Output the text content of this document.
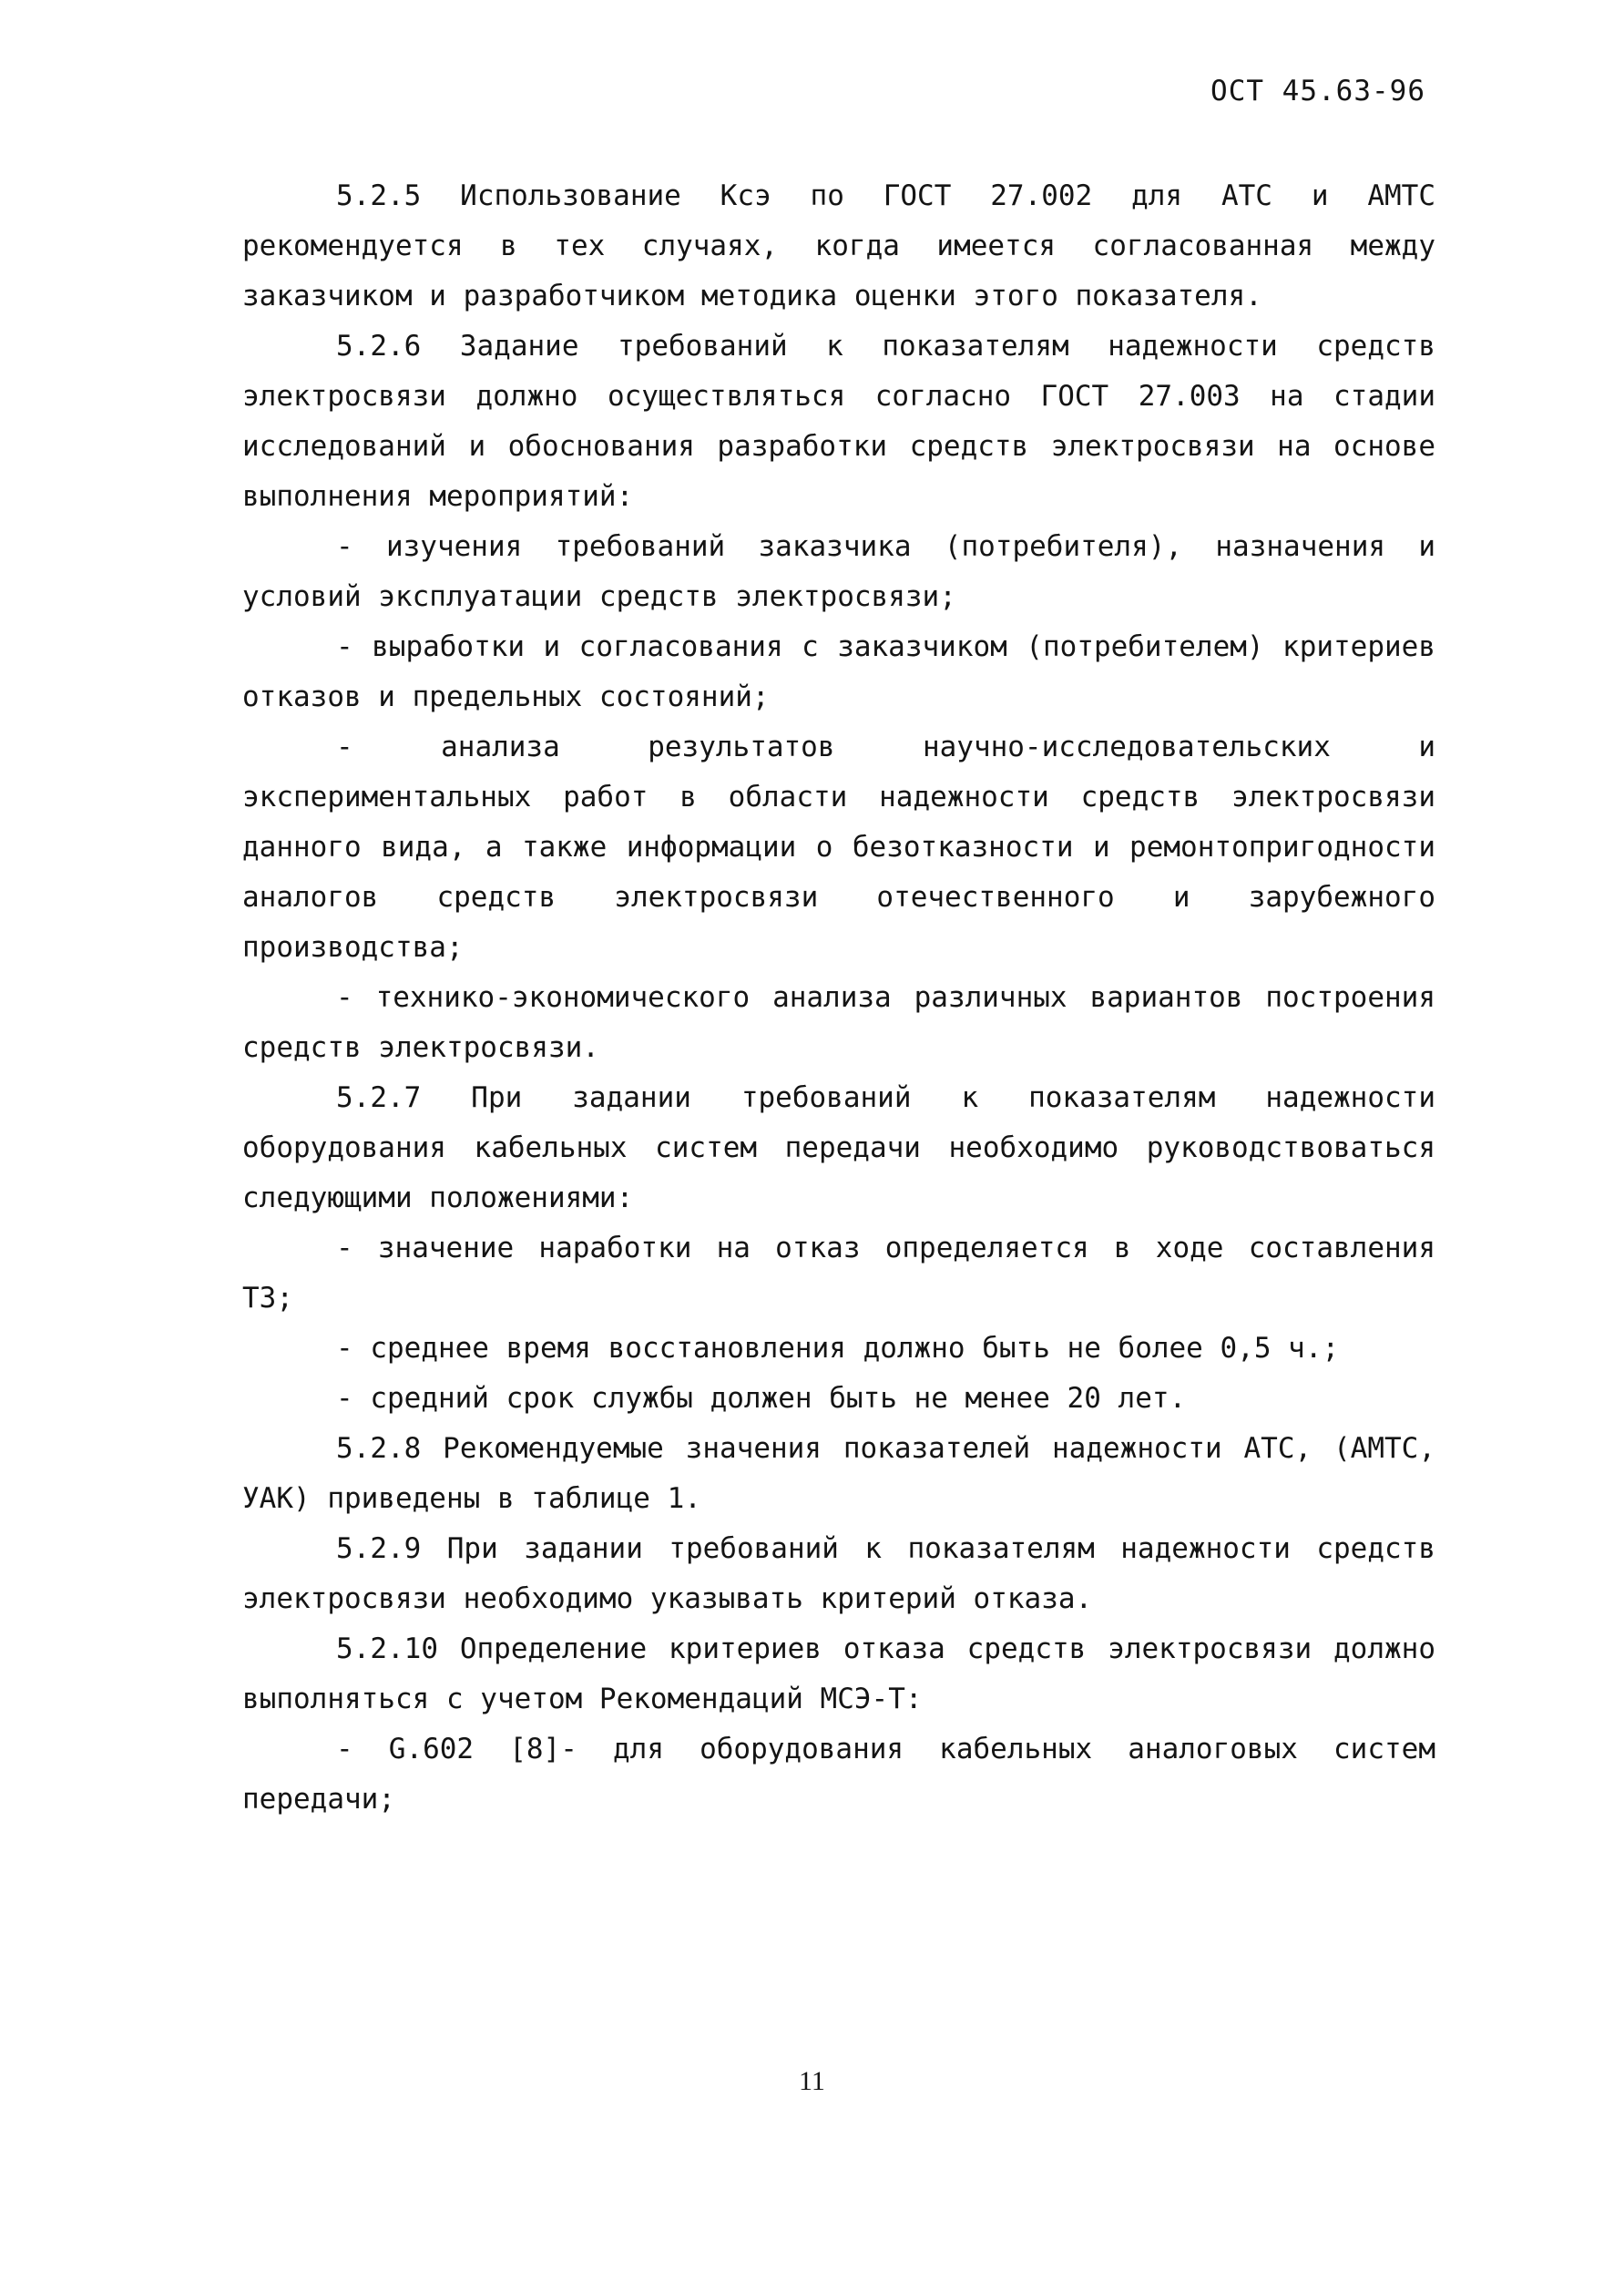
ОСТ 45.63-96

5.2.5 Использование Ксэ по ГОСТ 27.002 для АТС и АМТС рекомендуется в тех случаях, когда имеется согласованная между заказчиком и разработчиком методика оценки этого показателя.

5.2.6 Задание требований к показателям надежности средств электросвязи должно осуществляться согласно ГОСТ 27.003 на стадии исследований и обоснования разработки средств электросвязи на основе выполнения мероприятий:

- изучения требований заказчика (потребителя), назначения и условий эксплуатации средств электросвязи;

- выработки и согласования с заказчиком (потребителем) критериев отказов и предельных состояний;

- анализа результатов научно-исследовательских и экспериментальных работ в области надежности средств электросвязи данного вида, а также информации о безотказности и ремонтопригодности аналогов средств электросвязи отечественного и зарубежного производства;

- технико-экономического анализа различных вариантов построения средств электросвязи.

5.2.7 При задании требований к показателям надежности оборудования кабельных систем передачи необходимо руководствоваться следующими положениями:

- значение наработки на отказ определяется в ходе составления ТЗ;

- среднее время восстановления должно быть не более 0,5 ч.;

- средний срок службы должен быть не менее 20 лет.

5.2.8 Рекомендуемые значения показателей надежности АТС, (АМТС, УАК) приведены в таблице 1.

5.2.9 При задании требований к показателям надежности средств электросвязи необходимо указывать критерий отказа.

5.2.10 Определение критериев отказа средств электросвязи должно выполняться с учетом Рекомендаций МСЭ-Т:

- G.602 [8]- для оборудования кабельных аналоговых систем передачи;

11
